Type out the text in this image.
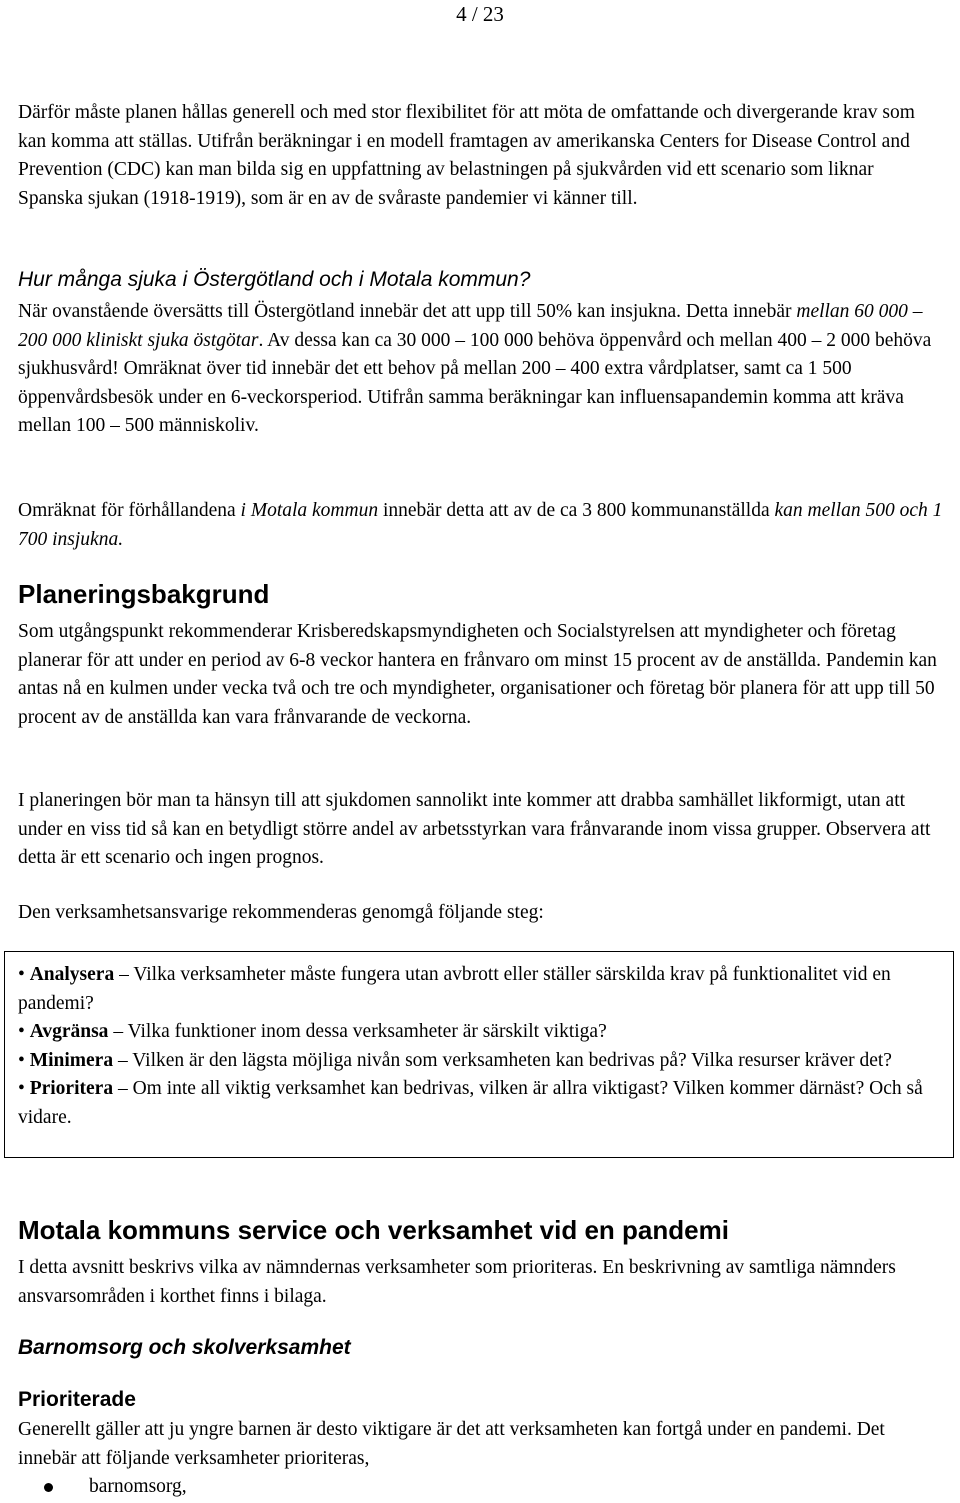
4 / 23

Därför måste planen hållas generell och med stor flexibilitet för att möta de omfattande och divergerande krav som kan komma att ställas. Utifrån beräkningar i en modell framtagen av amerikanska Centers for Disease Control and Prevention (CDC) kan man bilda sig en uppfattning av belastningen på sjukvården vid ett scenario som liknar Spanska sjukan (1918-1919), som är en av de svåraste pandemier vi känner till.

Hur många sjuka i Östergötland och i Motala kommun?

När ovanstående översätts till Östergötland innebär det att upp till 50% kan insjukna. Detta innebär mellan 60 000 – 200 000 kliniskt sjuka östgötar. Av dessa kan ca 30 000 – 100 000 behöva öppenvård och mellan 400 – 2 000 behöva sjukhusvård! Omräknat över tid innebär det ett behov på mellan 200 – 400 extra vårdplatser, samt ca 1 500 öppenvårdsbesök under en 6-veckorsperiod. Utifrån samma beräkningar kan influensapandemin komma att kräva mellan 100 – 500 människoliv.

Omräknat för förhållandena i Motala kommun innebär detta att av de ca 3 800 kommunanställda kan mellan 500 och 1 700 insjukna.

Planeringsbakgrund

Som utgångspunkt rekommenderar Krisberedskapsmyndigheten och Socialstyrelsen att myndigheter och företag planerar för att under en period av 6-8 veckor hantera en frånvaro om minst 15 procent av de anställda. Pandemin kan antas nå en kulmen under vecka två och tre och myndigheter, organisationer och företag bör planera för att upp till 50 procent av de anställda kan vara frånvarande de veckorna.

I planeringen bör man ta hänsyn till att sjukdomen sannolikt inte kommer att drabba samhället likformigt, utan att under en viss tid så kan en betydligt större andel av arbetsstyrkan vara frånvarande inom vissa grupper. Observera att detta är ett scenario och ingen prognos.

Den verksamhetsansvarige rekommenderas genomgå följande steg:

• Analysera – Vilka verksamheter måste fungera utan avbrott eller ställer särskilda krav på funktionalitet vid en pandemi?

• Avgränsa – Vilka funktioner inom dessa verksamheter är särskilt viktiga?

• Minimera – Vilken är den lägsta möjliga nivån som verksamheten kan bedrivas på? Vilka resurser kräver det?

• Prioritera – Om inte all viktig verksamhet kan bedrivas, vilken är allra viktigast? Vilken kommer därnäst? Och så vidare.

Motala kommuns service och verksamhet vid en pandemi

I detta avsnitt beskrivs vilka av nämndernas verksamheter som prioriteras. En beskrivning av samtliga nämnders ansvarsområden i korthet finns i bilaga.

Barnomsorg och skolverksamhet

Prioriterade

Generellt gäller att ju yngre barnen är desto viktigare är det att verksamheten kan fortgå under en pandemi. Det innebär att följande verksamheter prioriteras,

barnomsorg,
